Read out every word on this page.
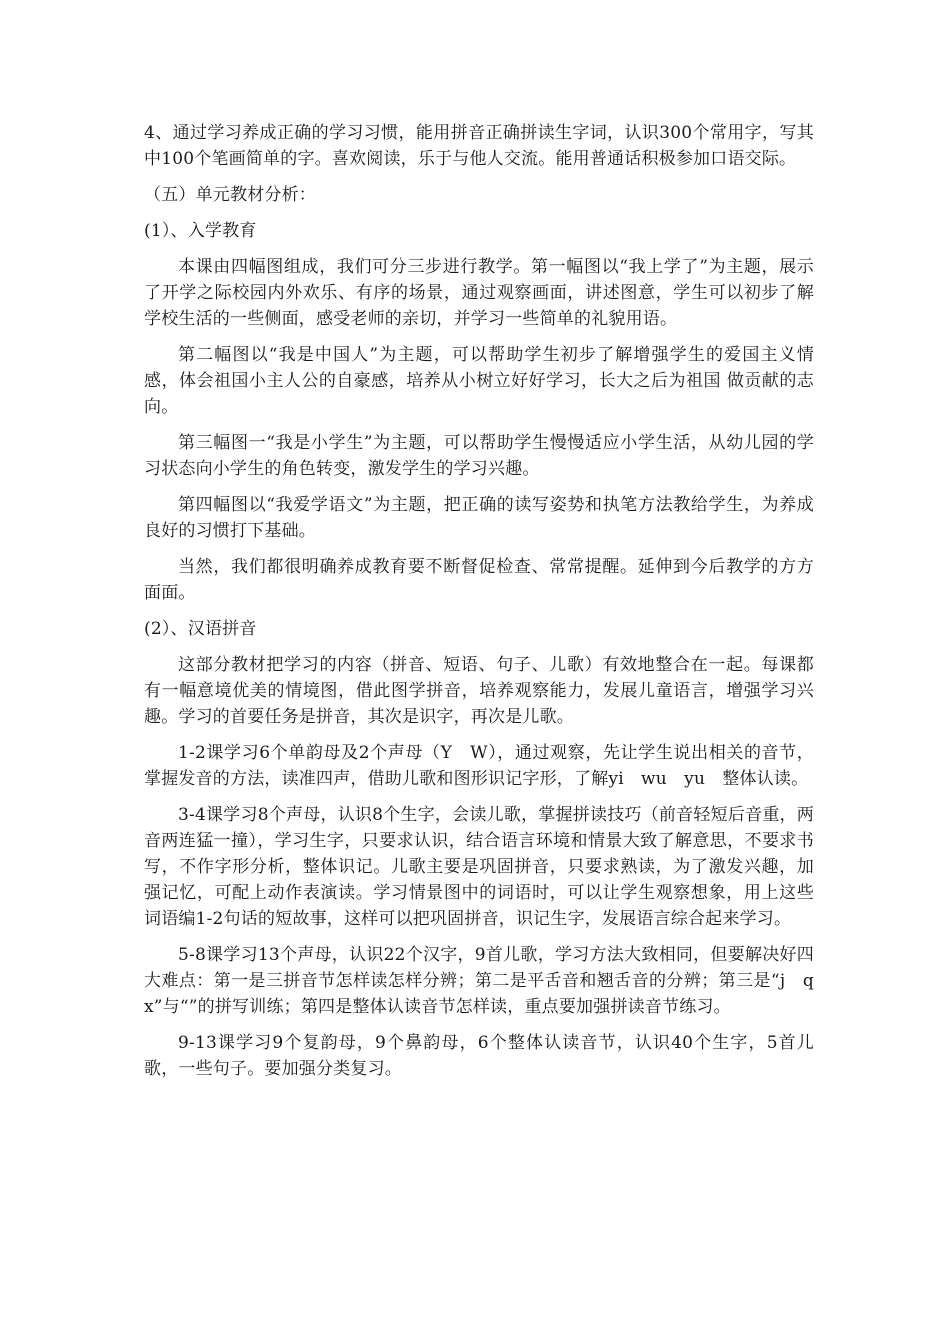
4、通过学习养成正确的学习习惯，能用拼音正确拼读生字词，认识300个常用字，写其中100个笔画简单的字。喜欢阅读，乐于与他人交流。能用普通话积极参加口语交际。

（五）单元教材分析：

(1）、入学教育

本课由四幅图组成，我们可分三步进行教学。第一幅图以“我上学了”为主题，展示了开学之际校园内外欢乐、有序的场景，通过观察画面，讲述图意，学生可以初步了解学校生活的一些侧面，感受老师的亲切，并学习一些简单的礼貌用语。

第二幅图以“我是中国人”为主题，可以帮助学生初步了解增强学生的爱国主义情感，体会祖国小主人公的自豪感，培养从小树立好好学习，长大之后为祖国 做贡献的志向。

第三幅图一“我是小学生”为主题，可以帮助学生慢慢适应小学生活，从幼儿园的学习状态向小学生的角色转变，激发学生的学习兴趣。

第四幅图以“我爱学语文”为主题，把正确的读写姿势和执笔方法教给学生，为养成良好的习惯打下基础。

当然，我们都很明确养成教育要不断督促检查、常常提醒。延伸到今后教学的方方面面。

(2）、汉语拼音

这部分教材把学习的内容（拼音、短语、句子、儿歌）有效地整合在一起。每课都有一幅意境优美的情境图，借此图学拼音，培养观察能力，发展儿童语言，增强学习兴趣。学习的首要任务是拼音，其次是识字，再次是儿歌。

1-2课学习6个单韵母及2个声母（Y　W），通过观察，先让学生说出相关的音节，掌握发音的方法，读准四声，借助儿歌和图形识记字形，了解yi　wu　yu　整体认读。

3-4课学习8个声母，认识8个生字，会读儿歌，掌握拼读技巧（前音轻短后音重，两音两连猛一撞），学习生字，只要求认识，结合语言环境和情景大致了解意思，不要求书写，不作字形分析，整体识记。儿歌主要是巩固拼音，只要求熟读，为了激发兴趣，加强记忆，可配上动作表演读。学习情景图中的词语时，可以让学生观察想象，用上这些词语编1-2句话的短故事，这样可以把巩固拼音，识记生字，发展语言综合起来学习。

5-8课学习13个声母，认识22个汉字，9首儿歌，学习方法大致相同，但要解决好四大难点：第一是三拼音节怎样读怎样分辨；第二是平舌音和翘舌音的分辨；第三是“j　q　x”与“”的拼写训练；第四是整体认读音节怎样读，重点要加强拼读音节练习。

9-13课学习9个复韵母，9个鼻韵母，6个整体认读音节，认识40个生字，5首儿歌，一些句子。要加强分类复习。
